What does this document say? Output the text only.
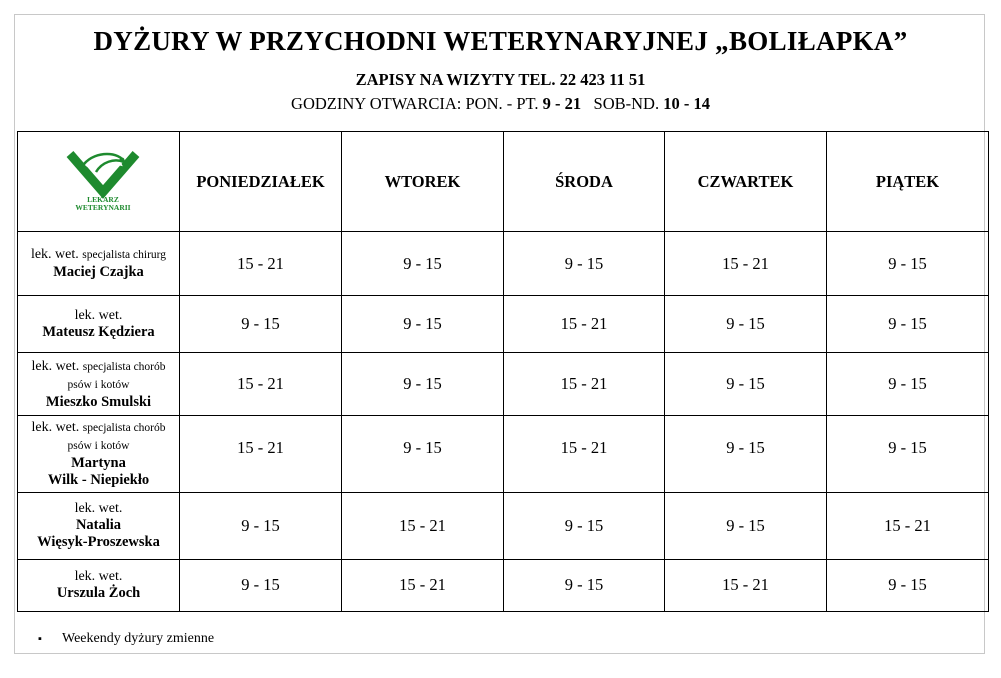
DYŻURY W PRZYCHODNI WETERYNARYJNEJ „BOLIŁAPKA”
ZAPISY NA WIZYTY TEL. 22 423 11 51
GODZINY OTWARCIA: PON. - PT. 9 - 21 SOB-ND. 10 - 14
LEKARZ
WETERYNARII	PONIEDZIAŁEK	WTOREK	ŚRODA	CZWARTEK	PIĄTEK
lek. wet. specjalista chirurg
Maciej Czajka	15 - 21	9 - 15	9 - 15	15 - 21	9 - 15
lek. wet.
Mateusz Kędziera	9 - 15	9 - 15	15 - 21	9 - 15	9 - 15
lek. wet. specjalista chorób psów i kotów
Mieszko Smulski	15 - 21	9 - 15	15 - 21	9 - 15	9 - 15
lek. wet. specjalista chorób psów i kotów
Martyna
Wilk - Niepiekło	15 - 21	9 - 15	15 - 21	9 - 15	9 - 15
lek. wet.
Natalia
Więsyk-Proszewska	9 - 15	15 - 21	9 - 15	9 - 15	15 - 21
lek. wet.
Urszula Żoch	9 - 15	15 - 21	9 - 15	15 - 21	9 - 15
▪ Weekendy dyżury zmienne
